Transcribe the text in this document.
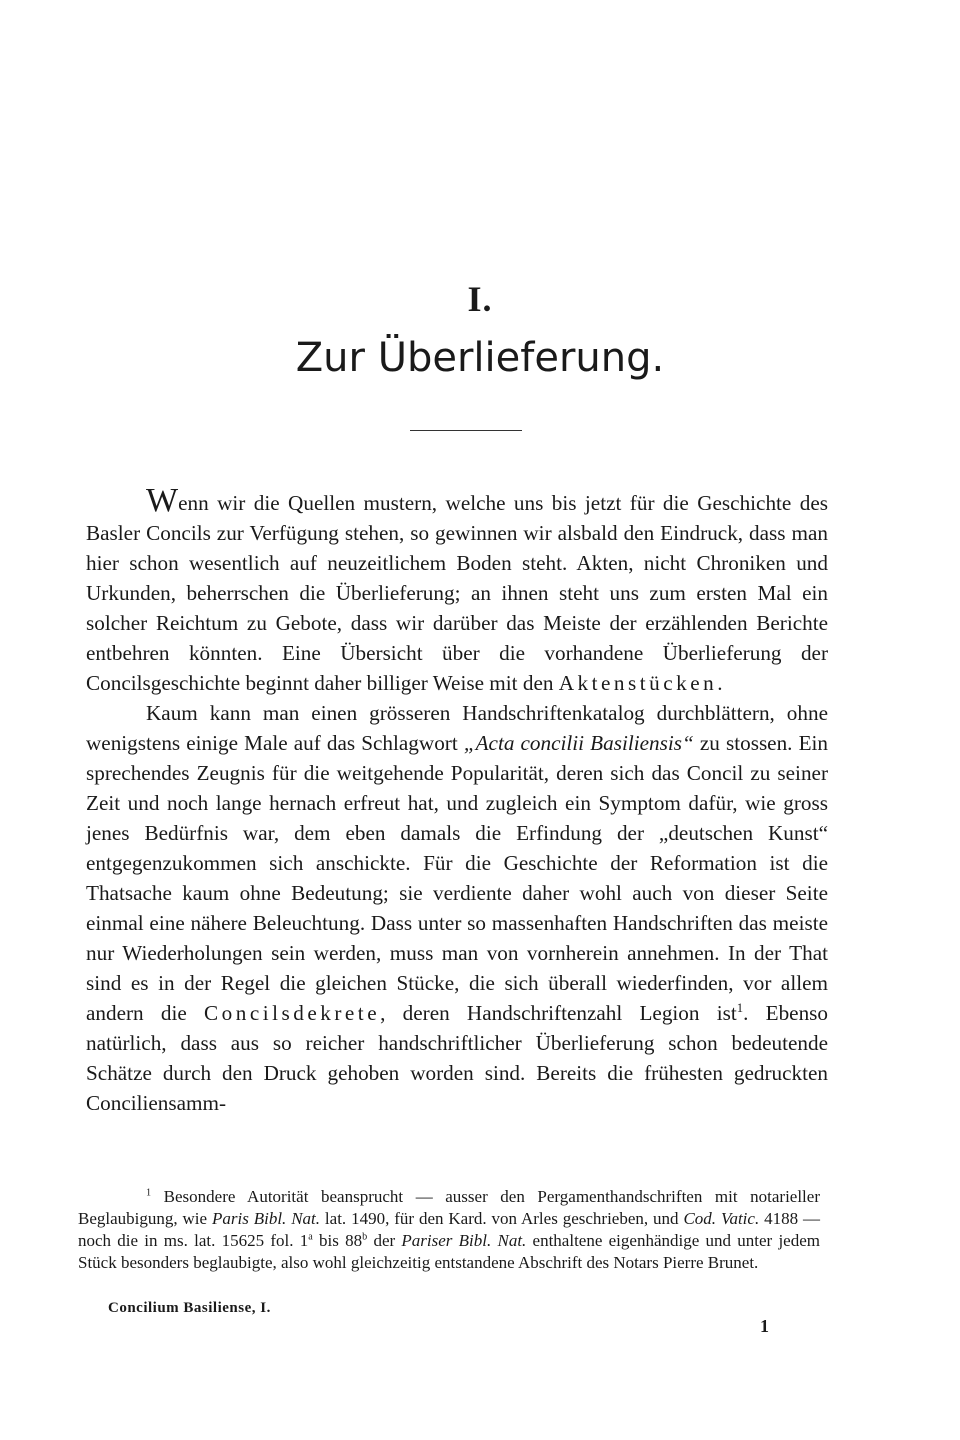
I.
Zur Überlieferung.

Wenn wir die Quellen mustern, welche uns bis jetzt für die Geschichte des Basler Concils zur Verfügung stehen, so gewinnen wir alsbald den Eindruck, dass man hier schon wesentlich auf neuzeitlichem Boden steht. Akten, nicht Chroniken und Urkunden, beherrschen die Überlieferung; an ihnen steht uns zum ersten Mal ein solcher Reichtum zu Gebote, dass wir darüber das Meiste der erzählenden Berichte entbehren könnten. Eine Übersicht über die vorhandene Überlieferung der Concilsgeschichte beginnt daher billiger Weise mit den Aktenstücken.

Kaum kann man einen grösseren Handschriftenkatalog durchblättern, ohne wenigstens einige Male auf das Schlagwort „Acta concilii Basiliensis“ zu stossen. Ein sprechendes Zeugnis für die weitgehende Popularität, deren sich das Concil zu seiner Zeit und noch lange hernach erfreut hat, und zugleich ein Symptom dafür, wie gross jenes Bedürfnis war, dem eben damals die Erfindung der „deutschen Kunst“ entgegenzukommen sich anschickte. Für die Geschichte der Reformation ist die Thatsache kaum ohne Bedeutung; sie verdiente daher wohl auch von dieser Seite einmal eine nähere Beleuchtung. Dass unter so massenhaften Handschriften das meiste nur Wiederholungen sein werden, muss man von vornherein annehmen. In der That sind es in der Regel die gleichen Stücke, die sich überall wiederfinden, vor allem andern die Concilsdekrete, deren Handschriftenzahl Legion ist$^1$. Ebenso natürlich, dass aus so reicher handschriftlicher Überlieferung schon bedeutende Schätze durch den Druck gehoben worden sind. Bereits die frühesten gedruckten Conciliensamm-

$^1$ Besondere Autorität beansprucht — ausser den Pergamenthandschriften mit notarieller Beglaubigung, wie Paris Bibl. Nat. lat. 1490, für den Kard. von Arles geschrieben, und Cod. Vatic. 4188 — noch die in ms. lat. 15625 fol. 1$^a$ bis 88$^b$ der Pariser Bibl. Nat. enthaltene eigenhändige und unter jedem Stück besonders beglaubigte, also wohl gleichzeitig entstandene Abschrift des Notars Pierre Brunet.

Concilium Basiliense, I.
1
